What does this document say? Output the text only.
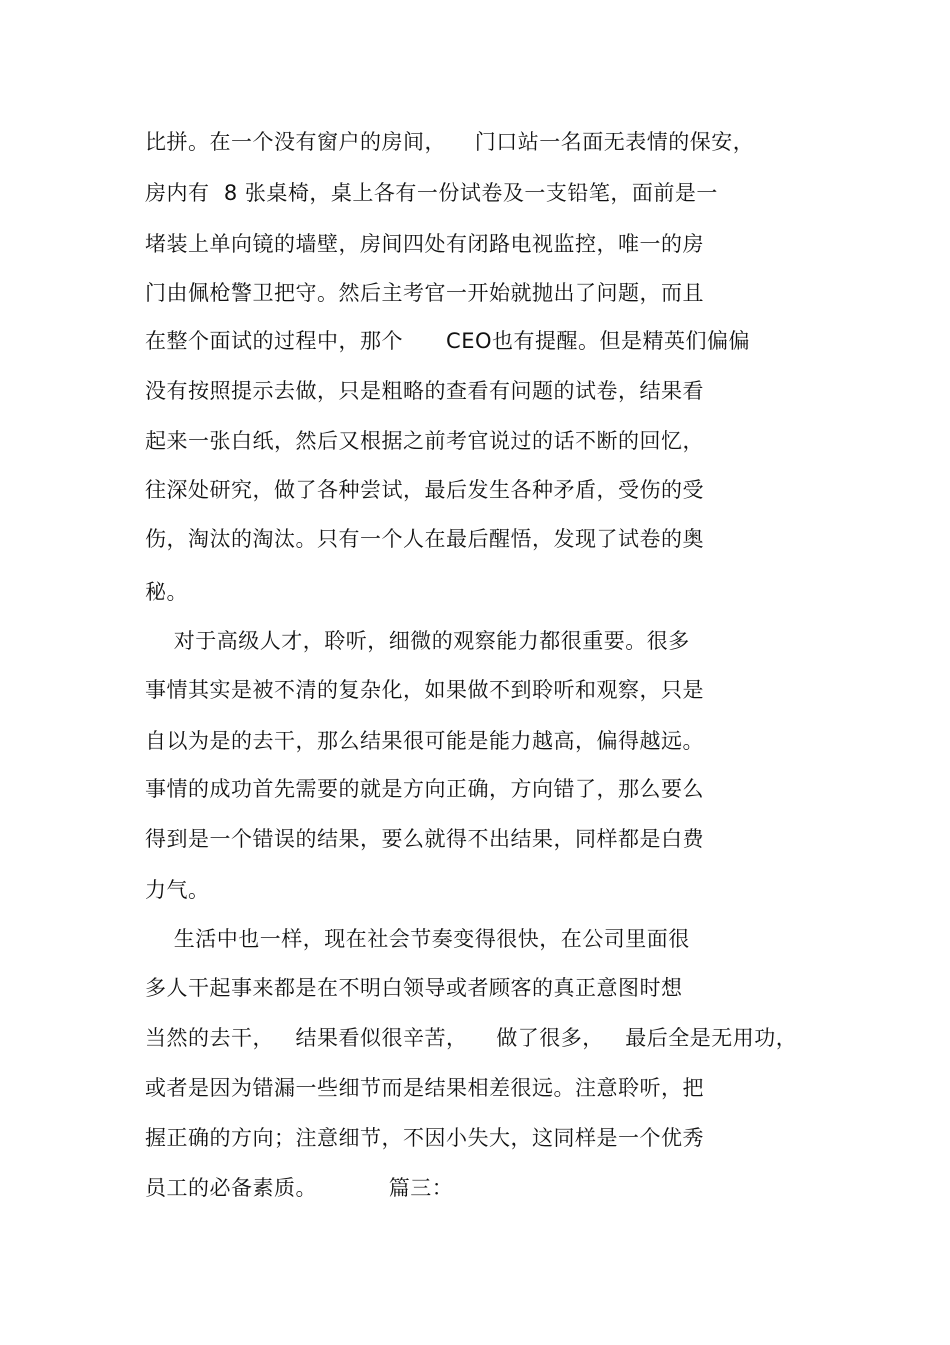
比拼。在一个没有窗户的房间，    门口站一名面无表情的保安，
房内有  8 张桌椅，桌上各有一份试卷及一支铅笔，面前是一
堵装上单向镜的墙壁，房间四处有闭路电视监控，唯一的房
门由佩枪警卫把守。然后主考官一开始就抛出了问题，而且
在整个面试的过程中，那个      CEO也有提醒。但是精英们偏偏
没有按照提示去做，只是粗略的查看有问题的试卷，结果看
起来一张白纸，然后又根据之前考官说过的话不断的回忆，
往深处研究，做了各种尝试，最后发生各种矛盾，受伤的受
伤，淘汰的淘汰。只有一个人在最后醒悟，发现了试卷的奥
秘。
对于高级人才，聆听，细微的观察能力都很重要。很多
事情其实是被不清的复杂化，如果做不到聆听和观察，只是
自以为是的去干，那么结果很可能是能力越高，偏得越远。
事情的成功首先需要的就是方向正确，方向错了，那么要么
得到是一个错误的结果，要么就得不出结果，同样都是白费
力气。
生活中也一样，现在社会节奏变得很快，在公司里面很
多人干起事来都是在不明白领导或者顾客的真正意图时想
当然的去干，   结果看似很辛苦，    做了很多，   最后全是无用功，
或者是因为错漏一些细节而是结果相差很远。注意聆听，把
握正确的方向；注意细节，不因小失大，这同样是一个优秀
员工的必备素质。          篇三：
